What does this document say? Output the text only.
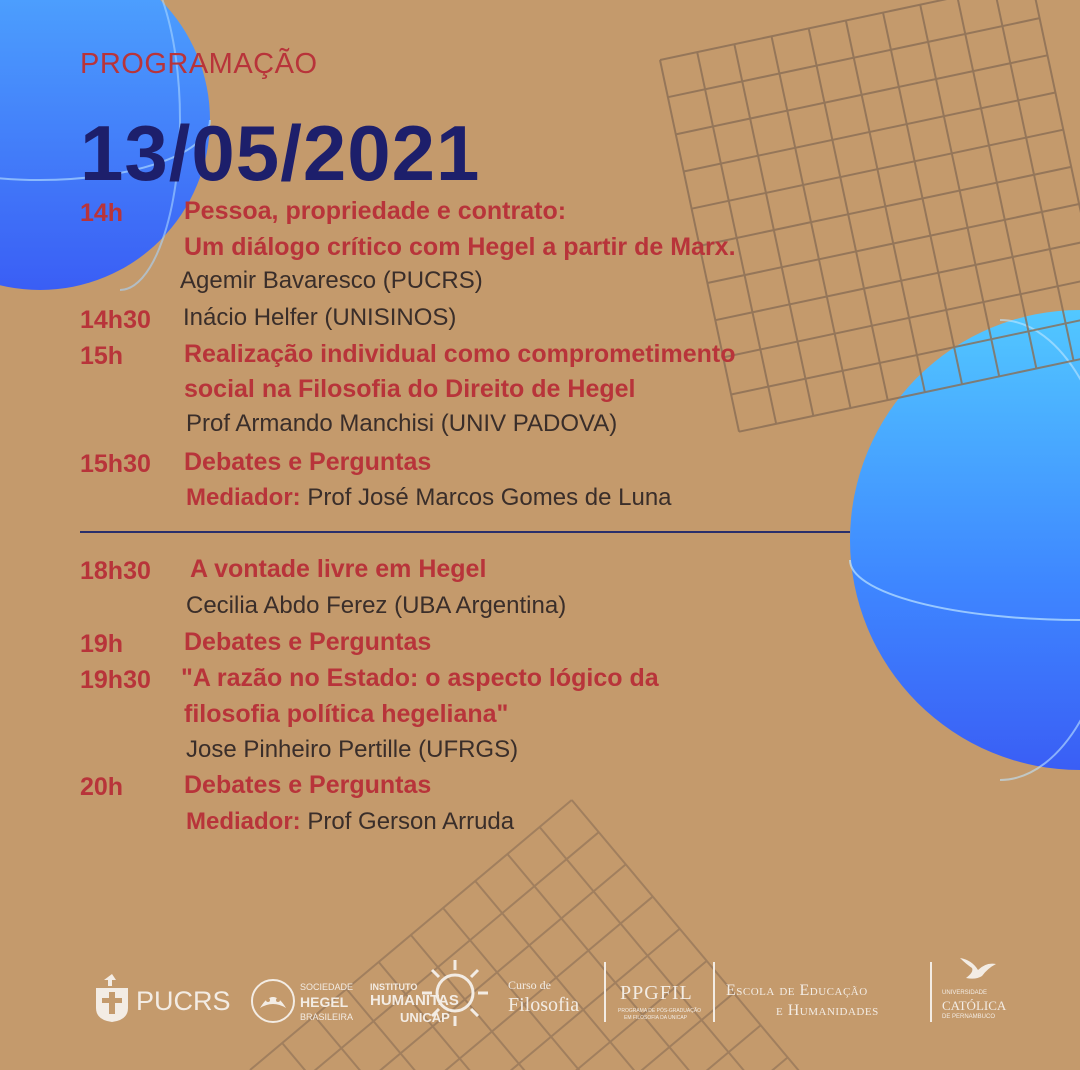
PROGRAMAÇÃO
13/05/2021
14h Pessoa, propriedade e contrato:
Um diálogo crítico com Hegel a partir de Marx.
Agemir Bavaresco (PUCRS)
14h30 Inácio Helfer (UNISINOS)
15h Realização individual como comprometimento
social na Filosofia do Direito de Hegel
Prof Armando Manchisi (UNIV PADOVA)
15h30 Debates e Perguntas
Mediador: Prof José Marcos Gomes de Luna
18h30 A vontade livre em Hegel
Cecilia Abdo Ferez (UBA Argentina)
19h Debates e Perguntas
19h30 "A razão no Estado: o aspecto lógico da
filosofia política hegeliana"
Jose Pinheiro Pertille (UFRGS)
20h Debates e Perguntas
Mediador: Prof Gerson Arruda
PUCRS	SOCIEDADE
HEGEL
BRASILEIRA
INSTITUTO
HUMANITAS
UNICAP
Curso de
Filosofia
PPGFIL
PROGRAMA DE PÓS-GRADUAÇÃO
EM FILOSOFIA DA UNICAP
Escola de Educação
e Humanidades
UNIVERSIDADE
CATÓLICA
DE PERNAMBUCO
